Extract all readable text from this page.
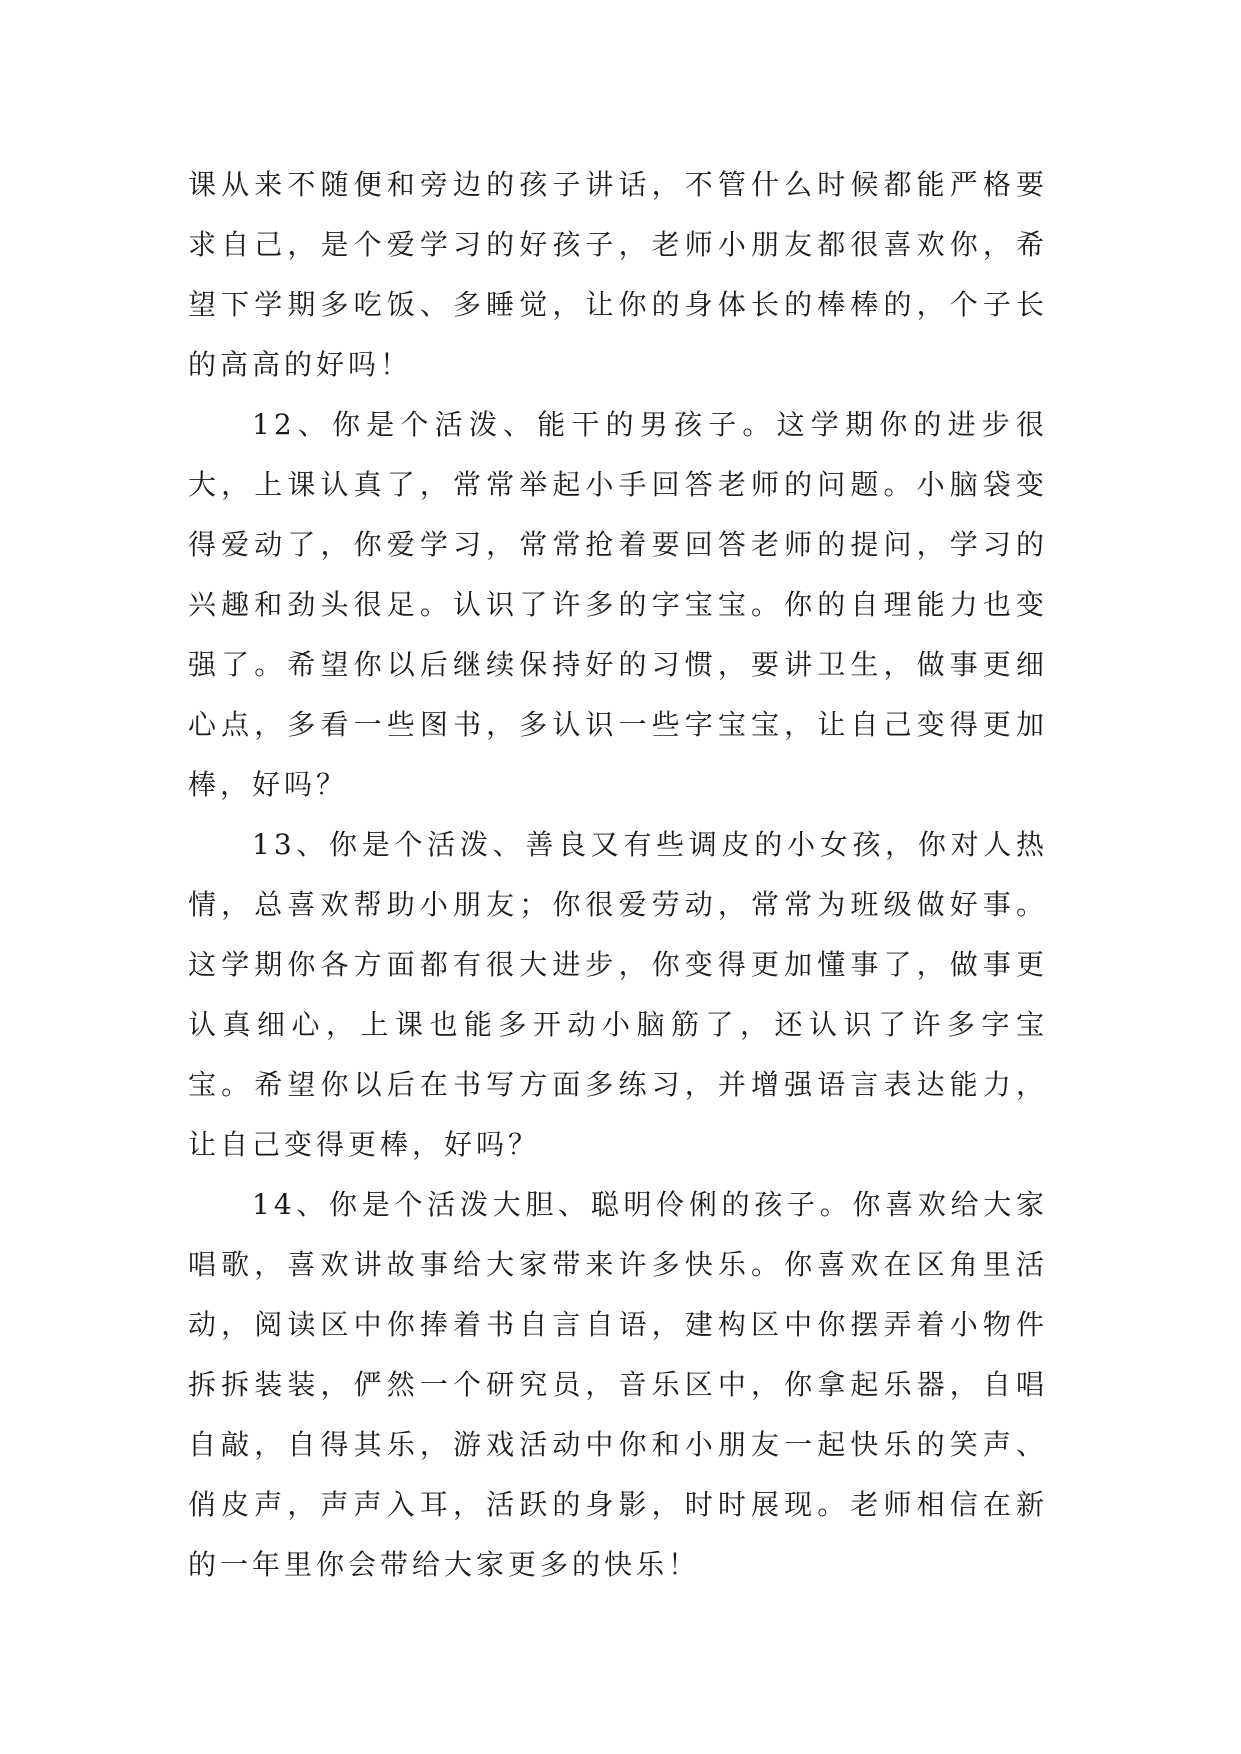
课从来不随便和旁边的孩子讲话，不管什么时候都能严格要求自己，是个爱学习的好孩子，老师小朋友都很喜欢你，希望下学期多吃饭、多睡觉，让你的身体长的棒棒的，个子长的高高的好吗！

12、你是个活泼、能干的男孩子。这学期你的进步很大，上课认真了，常常举起小手回答老师的问题。小脑袋变得爱动了，你爱学习，常常抢着要回答老师的提问，学习的兴趣和劲头很足。认识了许多的字宝宝。你的自理能力也变强了。希望你以后继续保持好的习惯，要讲卫生，做事更细心点，多看一些图书，多认识一些字宝宝，让自己变得更加棒，好吗？

13、你是个活泼、善良又有些调皮的小女孩，你对人热情，总喜欢帮助小朋友；你很爱劳动，常常为班级做好事。这学期你各方面都有很大进步，你变得更加懂事了，做事更认真细心，上课也能多开动小脑筋了，还认识了许多字宝宝。希望你以后在书写方面多练习，并增强语言表达能力，让自己变得更棒，好吗？

14、你是个活泼大胆、聪明伶俐的孩子。你喜欢给大家唱歌，喜欢讲故事给大家带来许多快乐。你喜欢在区角里活动，阅读区中你捧着书自言自语，建构区中你摆弄着小物件拆拆装装，俨然一个研究员，音乐区中，你拿起乐器，自唱自敲，自得其乐，游戏活动中你和小朋友一起快乐的笑声、俏皮声，声声入耳，活跃的身影，时时展现。老师相信在新的一年里你会带给大家更多的快乐！
